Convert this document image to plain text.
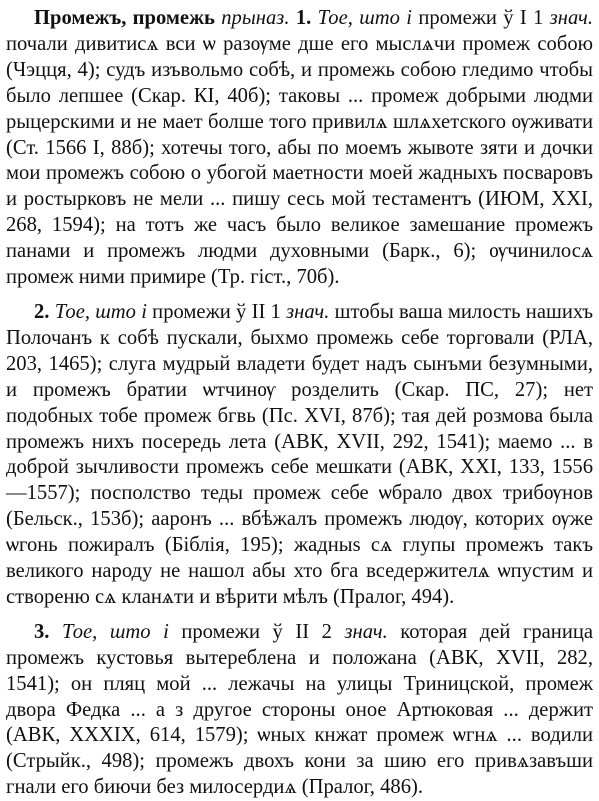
Промежъ, промежь прыназ. 1. Тое, што і промежи ў І 1 знач. почали дивитисѧ вси ѡ разѹме дше его мыслѧчи промеж собою (Чэцця, 4); судъ изъвольмо собѣ, и промежь собою гледимо чтобы было лепшее (Скар. КІ, 40б); таковы ... промеж добрыми людми рыцерскими и не мает болше того привилѧ шлѧхетского ѹживати (Ст. 1566 І, 88б); хотечы того, абы по моемъ жывоте зяти и дочки мои промежъ собою о убогой маетности моей жадныхъ посваровъ и ростырковъ не мели ... пишу сесь мой тестаментъ (ИЮМ, ХХІ, 268, 1594); на тотъ же часъ было великое замешание промежъ панами и промежъ людми духовными (Барк., 6); ѹчинилосѧ промеж ними примире (Тр. гіст., 70б).

2. Тое, што і промежи ў ІІ 1 знач. штобы ваша милость нашихъ Полочанъ к собѣ пускали, быхмо промежь себе торговали (РЛА, 203, 1465); слуга мудрый владети будет надъ сынъми безумными, и промежъ братии ѡтчинѹ розделить (Скар. ПС, 27); нет подобных тобе промеж бгвь (Пс. XVI, 87б); тая дей розмова была промежъ нихъ посередь лета (АВК, XVII, 292, 1541); маемо ... в доброй зычливости промежъ себе мешкати (АВК, ХХІ, 133, 1556—1557); посполство теды промеж себе ѡбрало двох трибѹнов (Бельск., 153б); ааронъ ... вбѣжалъ промежъ людѹ, которих ѹже ѡгонь пожиралъ (Біблія, 195); жадныѕ сѧ глупы промежъ такъ великого народу не нашол абы хто бга вседержителѧ ѡпустим и створеню сѧ кланѧти и вѣрити мѣлъ (Пралог, 494).

3. Тое, што і промежи ў ІІ 2 знач. которая дей граница промежъ кустовья вытереблена и положана (АВК, XVII, 282, 1541); он пляц мой ... лежачы на улицы Триницской, промеж двора Федка ... а з другое стороны оное Артюковая ... держит (АВК, XXXIX, 614, 1579); ѡных кнжат промеж ѡгнѧ ... водили (Стрыйк., 498); промежъ двохъ кони за шию его привѧзавъши гнали его биючи без милосердиѧ (Пралог, 486).
